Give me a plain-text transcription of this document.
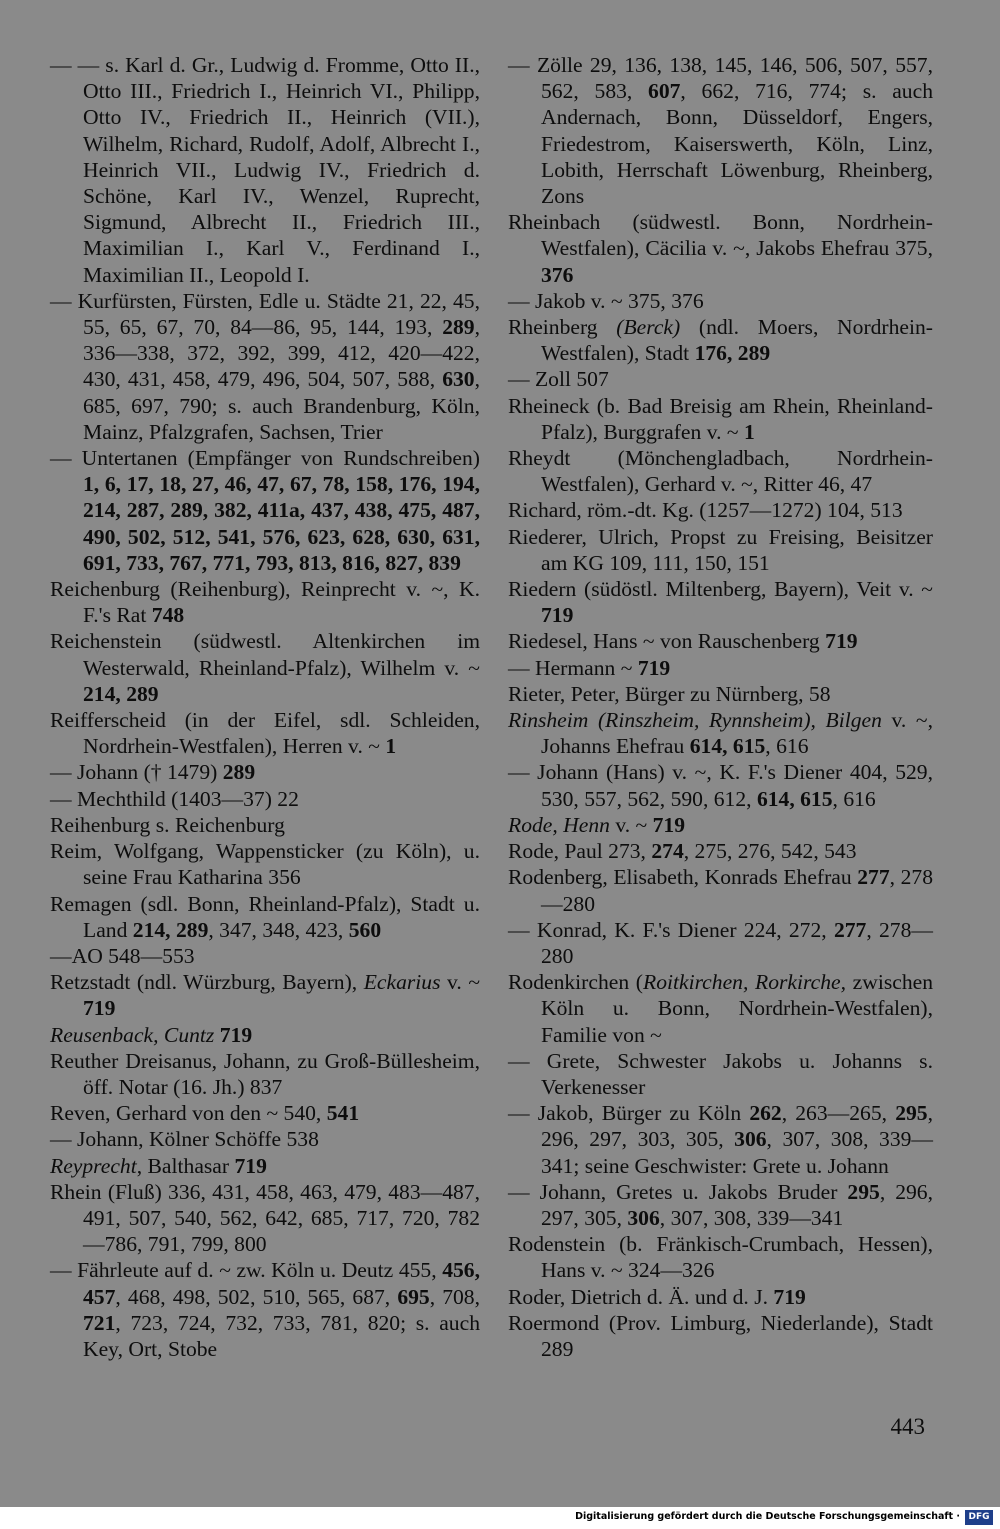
— — s. Karl d. Gr., Ludwig d. Fromme, Otto II., Otto III., Friedrich I., Heinrich VI., Philipp, Otto IV., Friedrich II., Heinrich (VII.), Wilhelm, Richard, Rudolf, Adolf, Albrecht I., Heinrich VII., Ludwig IV., Friedrich d. Schöne, Karl IV., Wenzel, Ruprecht, Sigmund, Albrecht II., Friedrich III., Maximilian I., Karl V., Ferdinand I., Maximilian II., Leopold I.
— Kurfürsten, Fürsten, Edle u. Städte 21, 22, 45, 55, 65, 67, 70, 84—86, 95, 144, 193, 289, 336—338, 372, 392, 399, 412, 420—422, 430, 431, 458, 479, 496, 504, 507, 588, 630, 685, 697, 790; s. auch Brandenburg, Köln, Mainz, Pfalzgrafen, Sachsen, Trier
— Untertanen (Empfänger von Rundschreiben) 1, 6, 17, 18, 27, 46, 47, 67, 78, 158, 176, 194, 214, 287, 289, 382, 411a, 437, 438, 475, 487, 490, 502, 512, 541, 576, 623, 628, 630, 631, 691, 733, 767, 771, 793, 813, 816, 827, 839
Reichenburg (Reihenburg), Reinprecht v. ~, K. F.'s Rat 748
Reichenstein (südwestl. Altenkirchen im Westerwald, Rheinland-Pfalz), Wilhelm v. ~ 214, 289
Reifferscheid (in der Eifel, sdl. Schleiden, Nordrhein-Westfalen), Herren v. ~ 1
— Johann († 1479) 289
— Mechthild (1403—37) 22
Reihenburg s. Reichenburg
Reim, Wolfgang, Wappensticker (zu Köln), u. seine Frau Katharina 356
Remagen (sdl. Bonn, Rheinland-Pfalz), Stadt u. Land 214, 289, 347, 348, 423, 560
—AO 548—553
Retzstadt (ndl. Würzburg, Bayern), Eckarius v. ~ 719
Reusenback, Cuntz 719
Reuther Dreisanus, Johann, zu Groß-Büllesheim, öff. Notar (16. Jh.) 837
Reven, Gerhard von den ~ 540, 541
— Johann, Kölner Schöffe 538
Reyprecht, Balthasar 719
Rhein (Fluß) 336, 431, 458, 463, 479, 483—487, 491, 507, 540, 562, 642, 685, 717, 720, 782—786, 791, 799, 800
— Fährleute auf d. ~ zw. Köln u. Deutz 455, 456, 457, 468, 498, 502, 510, 565, 687, 695, 708, 721, 723, 724, 732, 733, 781, 820; s. auch Key, Ort, Stobe
— Zölle 29, 136, 138, 145, 146, 506, 507, 557, 562, 583, 607, 662, 716, 774; s. auch Andernach, Bonn, Düsseldorf, Engers, Friedestrom, Kaiserswerth, Köln, Linz, Lobith, Herrschaft Löwenburg, Rheinberg, Zons
Rheinbach (südwestl. Bonn, Nordrhein-Westfalen), Cäcilia v. ~, Jakobs Ehefrau 375, 376
— Jakob v. ~ 375, 376
Rheinberg (Berck) (ndl. Moers, Nordrhein-Westfalen), Stadt 176, 289
— Zoll 507
Rheineck (b. Bad Breisig am Rhein, Rheinland-Pfalz), Burggrafen v. ~ 1
Rheydt (Mönchengladbach, Nordrhein-Westfalen), Gerhard v. ~, Ritter 46, 47
Richard, röm.-dt. Kg. (1257—1272) 104, 513
Riederer, Ulrich, Propst zu Freising, Beisitzer am KG 109, 111, 150, 151
Riedern (südöstl. Miltenberg, Bayern), Veit v. ~ 719
Riedesel, Hans ~ von Rauschenberg 719
— Hermann ~ 719
Rieter, Peter, Bürger zu Nürnberg, 58
Rinsheim (Rinszheim, Rynnsheim), Bilgen v. ~, Johanns Ehefrau 614, 615, 616
— Johann (Hans) v. ~, K. F.'s Diener 404, 529, 530, 557, 562, 590, 612, 614, 615, 616
Rode, Henn v. ~ 719
Rode, Paul 273, 274, 275, 276, 542, 543
Rodenberg, Elisabeth, Konrads Ehefrau 277, 278—280
— Konrad, K. F.'s Diener 224, 272, 277, 278—280
Rodenkirchen (Roitkirchen, Rorkirche, zwischen Köln u. Bonn, Nordrhein-Westfalen), Familie von ~
— Grete, Schwester Jakobs u. Johanns s. Verkenesser
— Jakob, Bürger zu Köln 262, 263—265, 295, 296, 297, 303, 305, 306, 307, 308, 339—341; seine Geschwister: Grete u. Johann
— Johann, Gretes u. Jakobs Bruder 295, 296, 297, 305, 306, 307, 308, 339—341
Rodenstein (b. Fränkisch-Crumbach, Hessen), Hans v. ~ 324—326
Roder, Dietrich d. Ä. und d. J. 719
Roermond (Prov. Limburg, Niederlande), Stadt 289
443
Digitalisierung gefördert durch die Deutsche Forschungsgemeinschaft · DFG
